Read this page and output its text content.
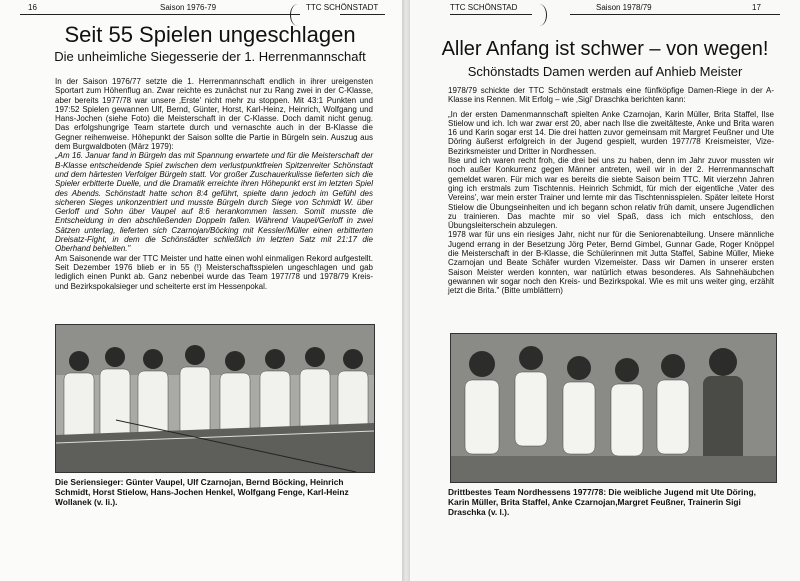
16	Saison 1976-79	TTC SCHÖNSTADT
Seit 55 Spielen ungeschlagen
Die unheimliche Siegesserie der 1. Herrenmannschaft

In der Saison 1976/77 setzte die 1. Herrenmannschaft endlich in ihrer ureigensten Sportart zum Höhenflug an. Zwar reichte es zunächst nur zu Rang zwei in der C-Klasse, aber bereits 1977/78 war unsere ‚Erste' nicht mehr zu stoppen. Mit 43:1 Punkten und 197:52 Spielen gewannen Ulf, Bernd, Günter, Horst, Karl-Heinz, Heinrich, Wolfgang und Hans-Jochen (siehe Foto) die Meisterschaft in der C-Klasse. Doch damit nicht genug. Das erfolgshungrige Team startete durch und vernaschte auch in der B-Klasse die Gegner reihenweise. Höhepunkt der Saison sollte die Partie in Bürgeln sein. Auszug aus dem Burgwaldboten (März 1979):

„Am 16. Januar fand in Bürgeln das mit Spannung erwartete und für die Meisterschaft der B-Klasse entscheidende Spiel zwischen dem verlustpunktfreien Spitzenreiter Schönstadt und dem härtesten Verfolger Bürgeln statt. Vor großer Zuschauerkulisse lieferten sich die Spieler erbitterte Duelle, und die Dramatik erreichte ihren Höhepunkt erst im letzten Spiel des Abends. Schönstadt hatte schon 8:4 geführt, spielte dann jedoch im Gefühl des sicheren Sieges unkonzentriert und musste Bürgeln durch Siege von Schmidt W. über Gerloff und Sohn über Vaupel auf 8:6 herankommen lassen. Somit musste die Entscheidung in den abschließenden Doppeln fallen. Während Vaupel/Gerloff in zwei Sätzen unterlag, lieferten sich Czarnojan/Böcking mit Kessler/Müller einen erbitterten Dreisatz-Fight, in dem die Schönstädter schließlich im letzten Satz mit 21:17 die Oberhand behielten."

Am Saisonende war der TTC Meister und hatte einen wohl einmaligen Rekord aufgestellt. Seit Dezember 1976 blieb er in 55 (!) Meisterschaftsspielen ungeschlagen und gab lediglich einen Punkt ab. Ganz nebenbei wurde das Team 1977/78 und 1978/79 Kreis- und Bezirkspokalsieger und scheiterte erst im Hessenpokal.

Die Seriensieger: Günter Vaupel, Ulf Czarnojan, Bernd Böcking, Heinrich Schmidt, Horst Stielow, Hans-Jochen Henkel, Wolfgang Fenge, Karl-Heinz Wollanek (v. li.).
TTC SCHÖNSTAD	Saison 1978/79	17
Aller Anfang ist schwer – von wegen!
Schönstadts Damen werden auf Anhieb Meister

1978/79 schickte der TTC Schönstadt erstmals eine fünfköpfige Damen-Riege in der A-Klasse ins Rennen. Mit Erfolg – wie ‚Sigi' Draschka berichten kann:

„In der ersten Damenmannschaft spielten Anke Czarnojan, Karin Müller, Brita Staffel, Ilse Stielow und ich. Ich war zwar erst 20, aber nach Ilse die zweitälteste, Anke und Brita waren 16 und Karin sogar erst 14. Die drei hatten zuvor gemeinsam mit Margret Feußner und Ute Döring äußerst erfolgreich in der Jugend gespielt, wurden 1977/78 Kreismeister, Vize-Bezirksmeister und Dritter in Nordhessen.

Ilse und ich waren recht froh, die drei bei uns zu haben, denn im Jahr zuvor mussten wir noch außer Konkurrenz gegen Männer antreten, weil wir in der 2. Herrenmannschaft gemeldet waren. Für mich war es bereits die siebte Saison beim TTC. Mit vierzehn Jahren ging ich erstmals zum Tischtennis. Heinrich Schmidt, für mich der eigentliche ‚Vater des Vereins', war mein erster Trainer und lernte mir das Tischtennisspielen. Später leitete Horst Stielow die Übungseinheiten und ich begann schon relativ früh damit, unsere Jugendlichen zu trainieren. Das machte mir so viel Spaß, dass ich mich entschloss, den Übungsleiterschein abzulegen.

1978 war für uns ein riesiges Jahr, nicht nur für die Seniorenabteilung. Unsere männliche Jugend errang in der Besetzung Jörg Peter, Bernd Gimbel, Gunnar Gade, Roger Knöppel die Meisterschaft in der B-Klasse, die Schülerinnen mit Jutta Staffel, Sabine Müller, Mieke Czarnojan und Beate Schäfer wurden Vizemeister. Dass wir Damen in unserer ersten Saison Meister werden konnten, war natürlich etwas besonderes. Als Sahnehäubchen gewannen wir sogar noch den Kreis- und Bezirkspokal. Wie es mit uns weiter ging, erzählt jetzt die Brita." (Bitte umblättern)

Drittbestes Team Nordhessens 1977/78: Die weibliche Jugend mit Ute Döring, Karin Müller, Brita Staffel, Anke Czarnojan,Margret Feußner, Trainerin Sigi Draschka (v. l.).
